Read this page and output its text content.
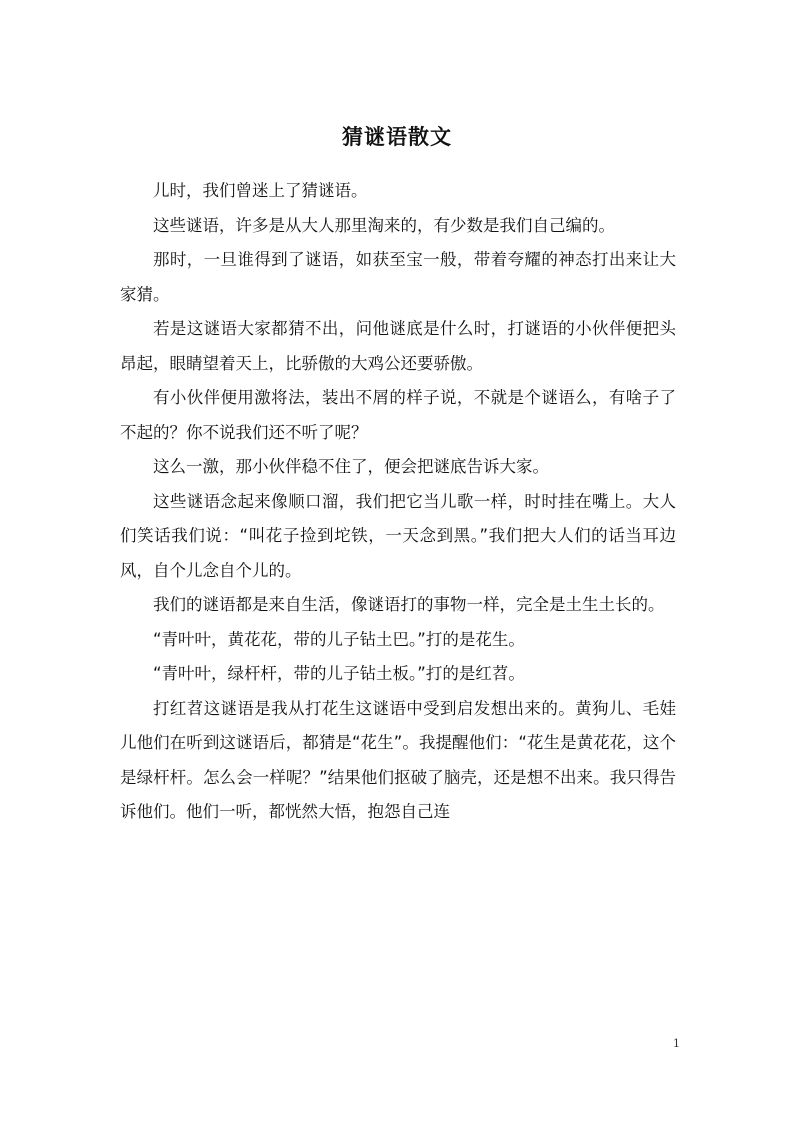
猜谜语散文

儿时，我们曾迷上了猜谜语。

这些谜语，许多是从大人那里淘来的，有少数是我们自己编的。

那时，一旦谁得到了谜语，如获至宝一般，带着夸耀的神态打出来让大家猜。

若是这谜语大家都猜不出，问他谜底是什么时，打谜语的小伙伴便把头昂起，眼睛望着天上，比骄傲的大鸡公还要骄傲。

有小伙伴便用激将法，装出不屑的样子说，不就是个谜语么，有啥子了不起的？你不说我们还不听了呢？

这么一激，那小伙伴稳不住了，便会把谜底告诉大家。

这些谜语念起来像顺口溜，我们把它当儿歌一样，时时挂在嘴上。大人们笑话我们说：“叫花子捡到坨铁，一天念到黑。”我们把大人们的话当耳边风，自个儿念自个儿的。

我们的谜语都是来自生活，像谜语打的事物一样，完全是土生土长的。

“青叶叶，黄花花，带的儿子钻土巴。”打的是花生。

“青叶叶，绿杆杆，带的儿子钻土板。”打的是红苕。

打红苕这谜语是我从打花生这谜语中受到启发想出来的。黄狗儿、毛娃儿他们在听到这谜语后，都猜是“花生”。我提醒他们：“花生是黄花花，这个是绿杆杆。怎么会一样呢？”结果他们抠破了脑壳，还是想不出来。我只得告诉他们。他们一听，都恍然大悟，抱怨自己连

1
